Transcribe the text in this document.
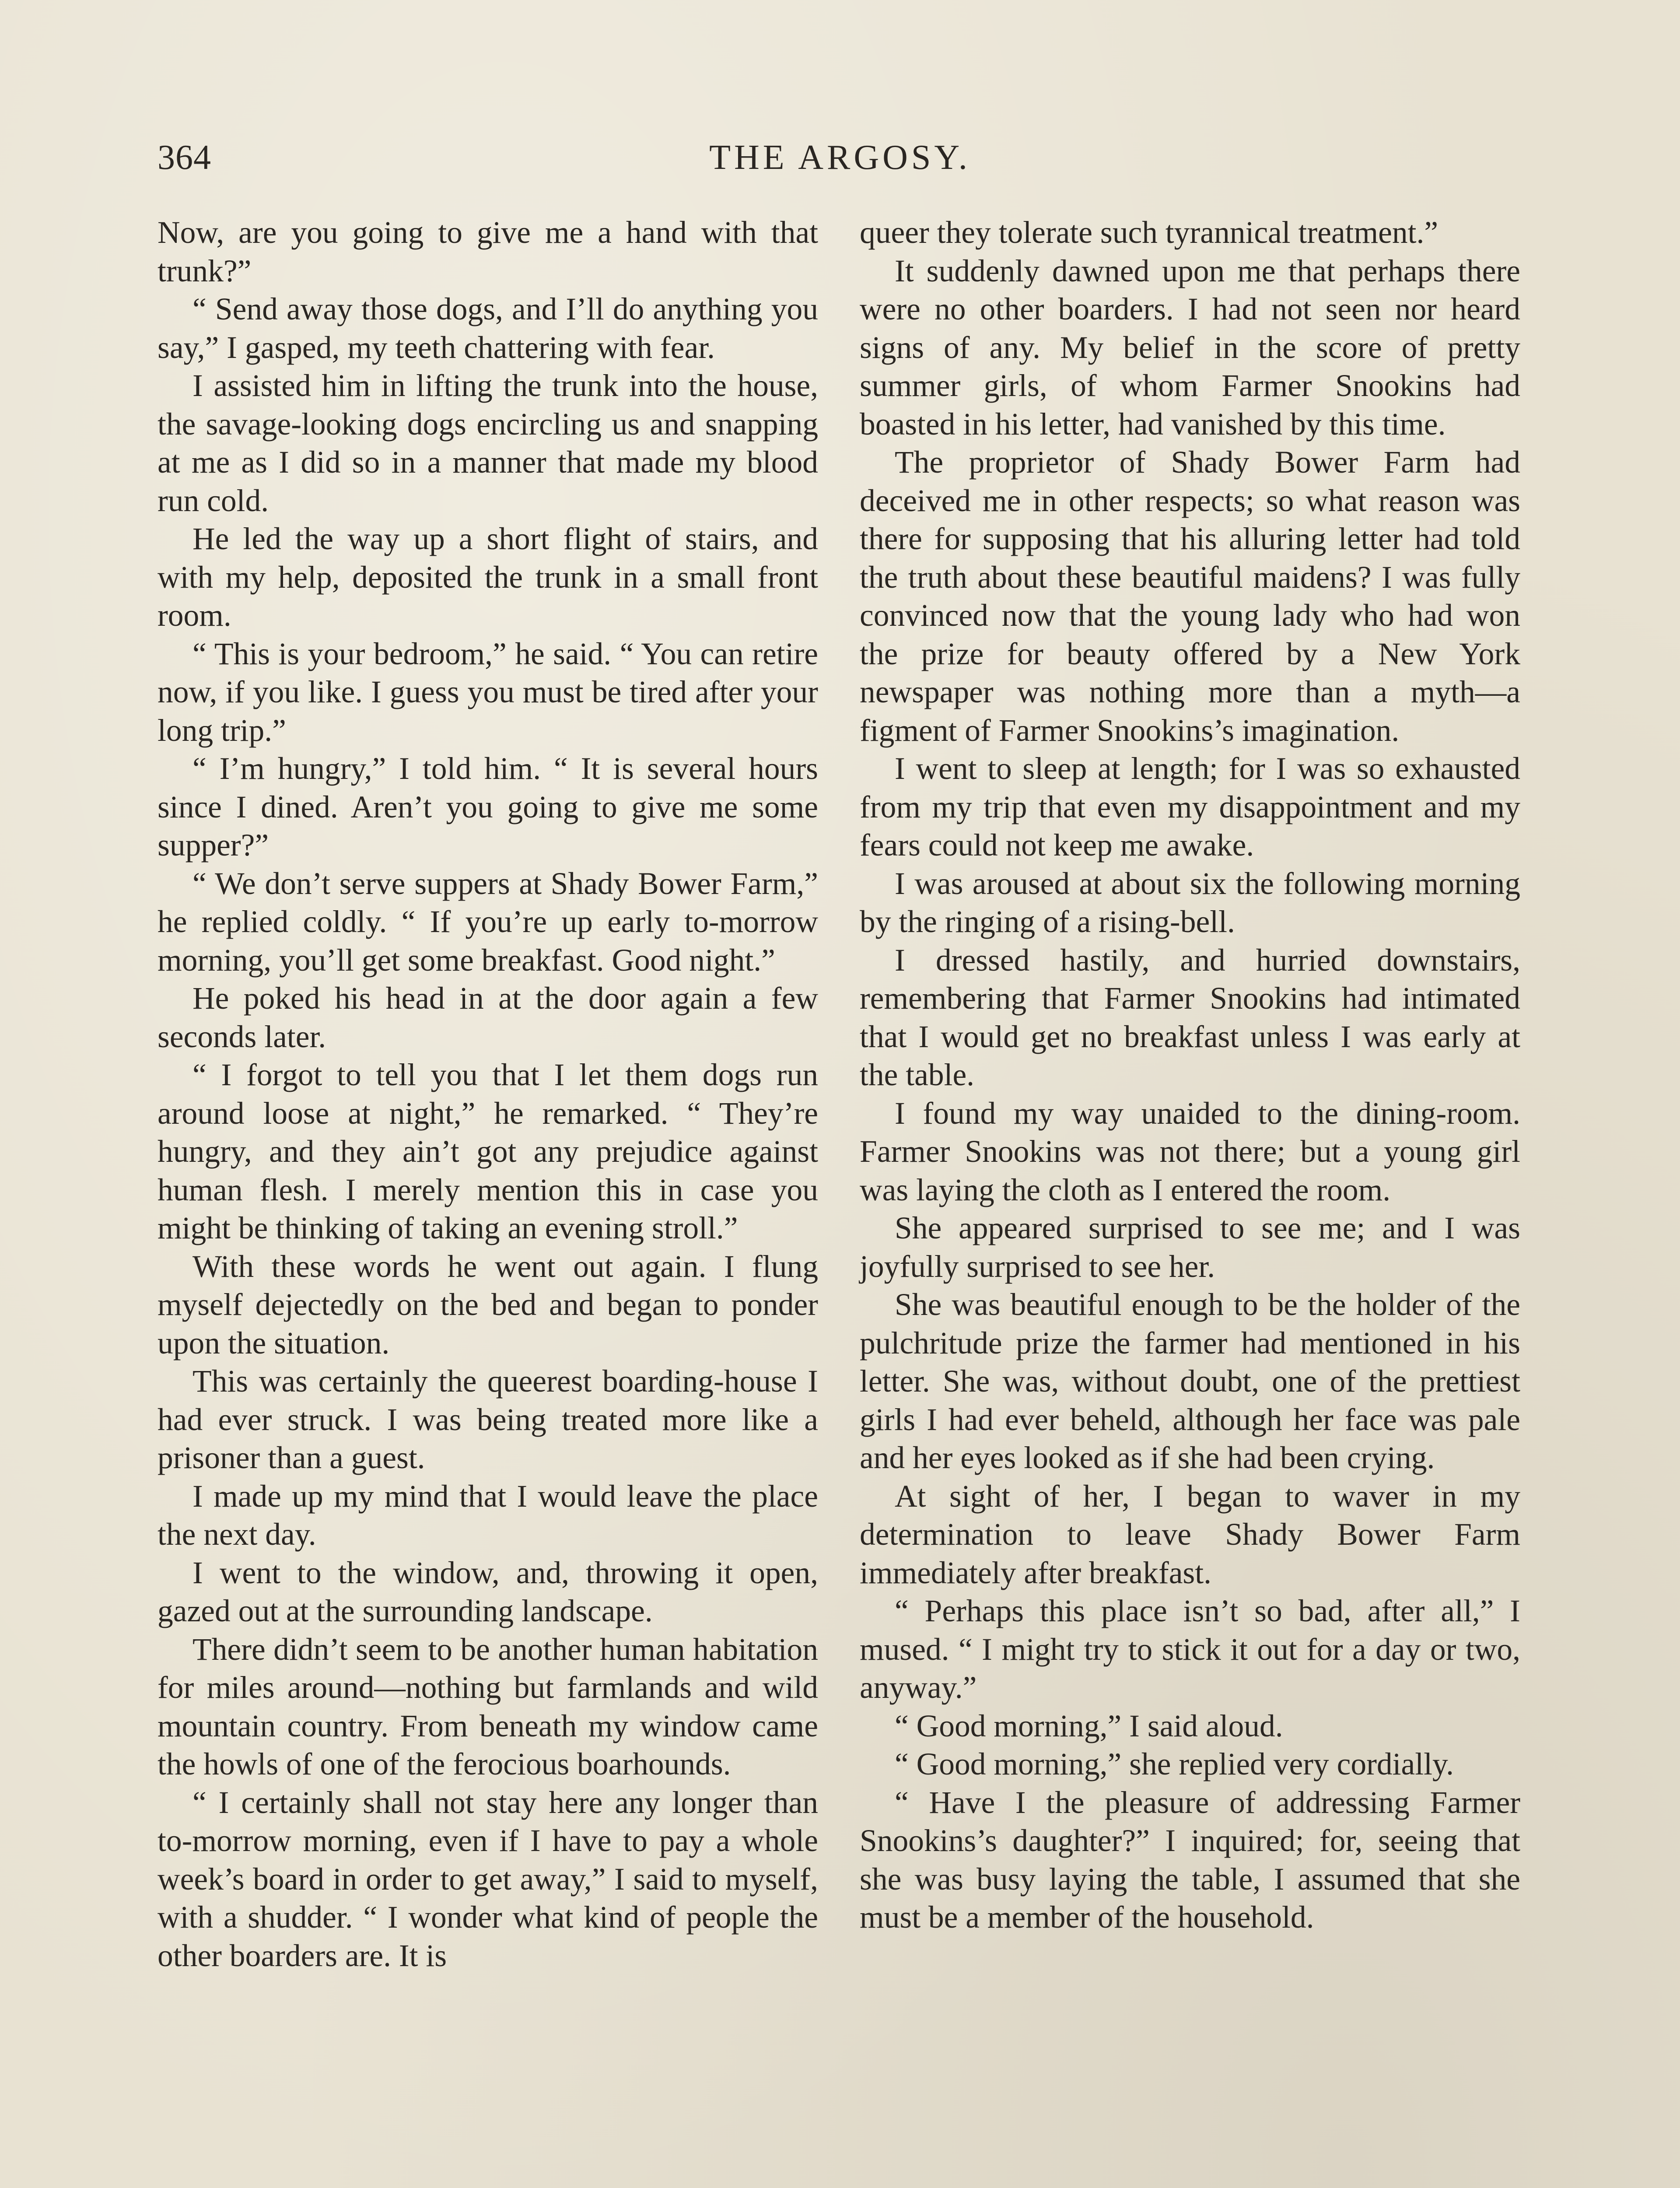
364	THE ARGOSY.

Now, are you going to give me a hand with that trunk?”

“ Send away those dogs, and I’ll do anything you say,” I gasped, my teeth chattering with fear.

I assisted him in lifting the trunk into the house, the savage-looking dogs encircling us and snapping at me as I did so in a manner that made my blood run cold.

He led the way up a short flight of stairs, and with my help, deposited the trunk in a small front room.

“ This is your bedroom,” he said. “ You can retire now, if you like. I guess you must be tired after your long trip.”

“ I’m hungry,” I told him. “ It is several hours since I dined. Aren’t you going to give me some supper?”

“ We don’t serve suppers at Shady Bower Farm,” he replied coldly. “ If you’re up early to-morrow morning, you’ll get some breakfast. Good night.”

He poked his head in at the door again a few seconds later.

“ I forgot to tell you that I let them dogs run around loose at night,” he remarked. “ They’re hungry, and they ain’t got any prejudice against human flesh. I merely mention this in case you might be thinking of taking an evening stroll.”

With these words he went out again. I flung myself dejectedly on the bed and began to ponder upon the situation.

This was certainly the queerest boarding-house I had ever struck. I was being treated more like a prisoner than a guest.

I made up my mind that I would leave the place the next day.

I went to the window, and, throwing it open, gazed out at the surrounding landscape.

There didn’t seem to be another human habitation for miles around—nothing but farmlands and wild mountain country. From beneath my window came the howls of one of the ferocious boarhounds.

“ I certainly shall not stay here any longer than to-morrow morning, even if I have to pay a whole week’s board in order to get away,” I said to myself, with a shudder. “ I wonder what kind of people the other boarders are. It is

queer they tolerate such tyrannical treatment.”

It suddenly dawned upon me that perhaps there were no other boarders. I had not seen nor heard signs of any. My belief in the score of pretty summer girls, of whom Farmer Snookins had boasted in his letter, had vanished by this time.

The proprietor of Shady Bower Farm had deceived me in other respects; so what reason was there for supposing that his alluring letter had told the truth about these beautiful maidens? I was fully convinced now that the young lady who had won the prize for beauty offered by a New York newspaper was nothing more than a myth—a figment of Farmer Snookins’s imagination.

I went to sleep at length; for I was so exhausted from my trip that even my disappointment and my fears could not keep me awake.

I was aroused at about six the following morning by the ringing of a rising-bell.

I dressed hastily, and hurried downstairs, remembering that Farmer Snookins had intimated that I would get no breakfast unless I was early at the table.

I found my way unaided to the dining-room. Farmer Snookins was not there; but a young girl was laying the cloth as I entered the room.

She appeared surprised to see me; and I was joyfully surprised to see her.

She was beautiful enough to be the holder of the pulchritude prize the farmer had mentioned in his letter. She was, without doubt, one of the prettiest girls I had ever beheld, although her face was pale and her eyes looked as if she had been crying.

At sight of her, I began to waver in my determination to leave Shady Bower Farm immediately after breakfast.

“ Perhaps this place isn’t so bad, after all,” I mused. “ I might try to stick it out for a day or two, anyway.”

“ Good morning,” I said aloud.

“ Good morning,” she replied very cordially.

“ Have I the pleasure of addressing Farmer Snookins’s daughter?” I inquired; for, seeing that she was busy laying the table, I assumed that she must be a member of the household.
